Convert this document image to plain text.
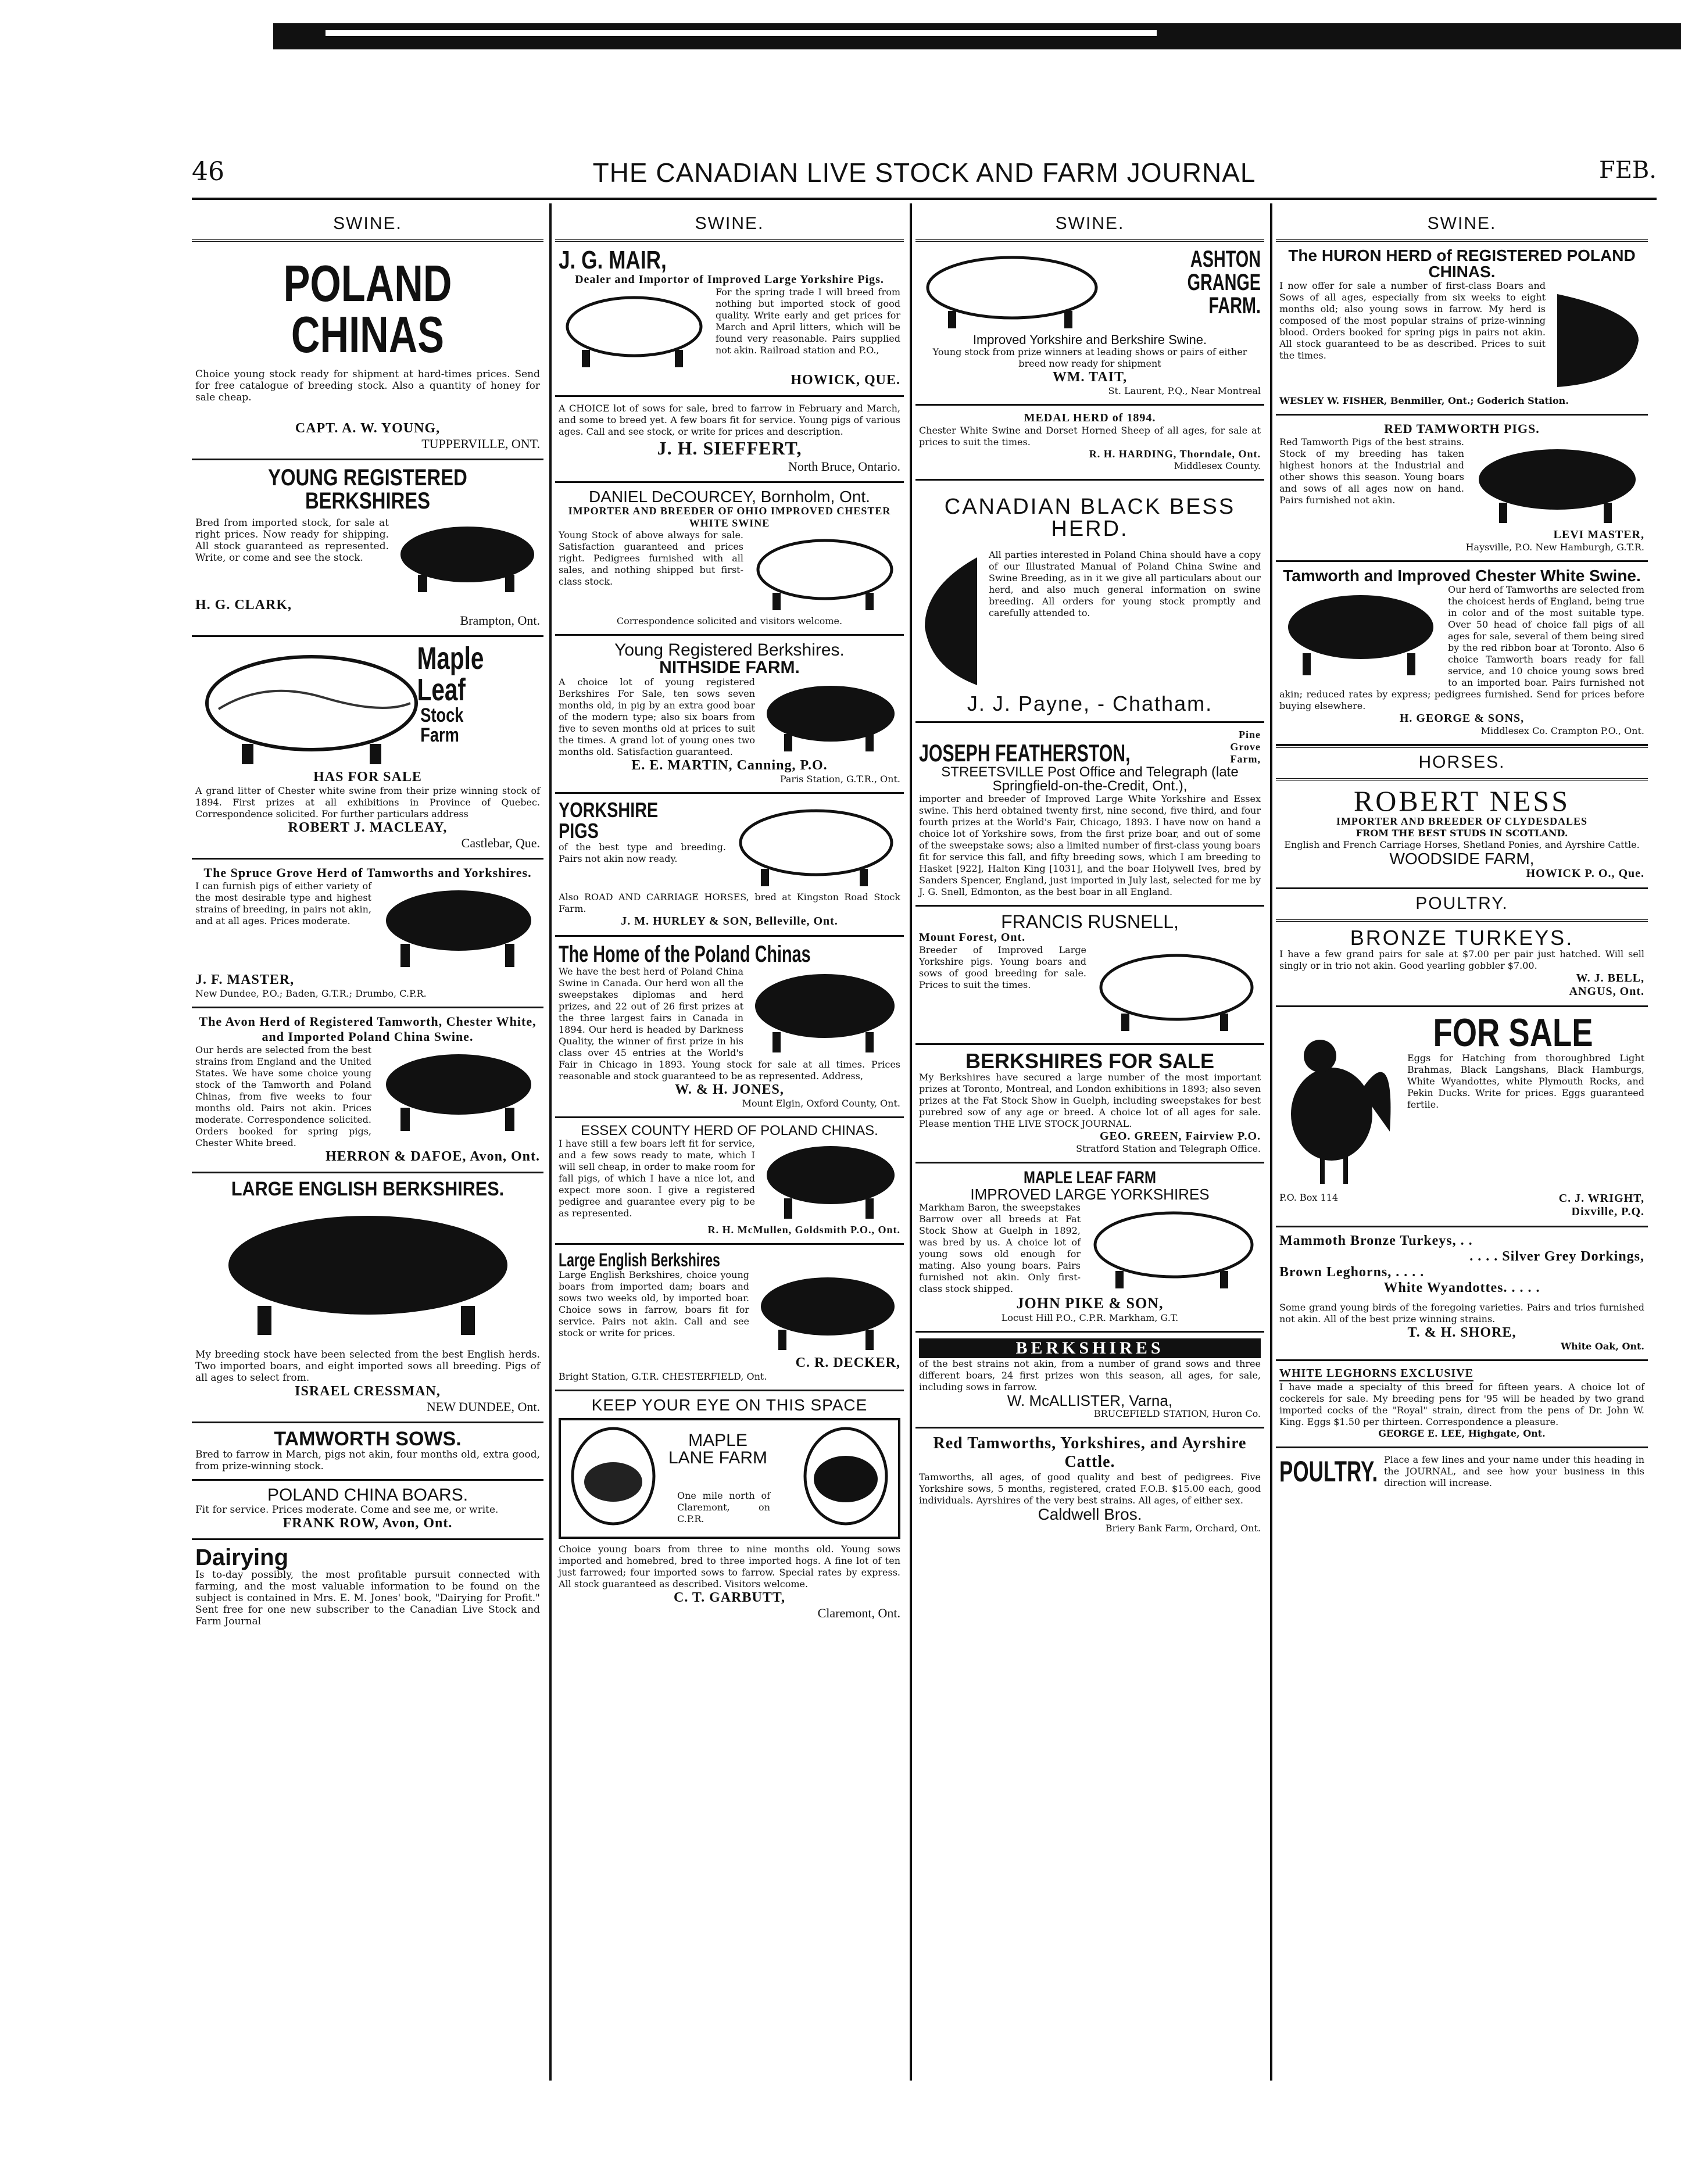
46	THE CANADIAN LIVE STOCK AND FARM JOURNAL	FEB.
SWINE.
POLAND CHINAS
Choice young stock ready for shipment at hard-times prices. Send for free catalogue of breeding stock. Also a quantity of honey for sale cheap.
CAPT. A. W. YOUNG,
TUPPERVILLE, ONT.
YOUNG REGISTERED BERKSHIRES
Bred from imported stock, for sale at right prices. Now ready for shipping. All stock guaranteed as represented. Write, or come and see the stock.
H. G. CLARK,
Brampton, Ont.
Maple
Leaf
Stock Farm
HAS FOR SALE
A grand litter of Chester white swine from their prize winning stock of 1894. First prizes at all exhibitions in Province of Quebec. Correspondence solicited. For further particulars address
ROBERT J. MACLEAY,
Castlebar, Que.
The Spruce Grove Herd of Tamworths and Yorkshires.
I can furnish pigs of either variety of the most desirable type and highest strains of breeding, in pairs not akin, and at all ages. Prices moderate.
J. F. MASTER,
New Dundee, P.O.; Baden, G.T.R.; Drumbo, C.P.R.
The Avon Herd of Registered Tamworth, Chester White, and Imported Poland China Swine.
Our herds are selected from the best strains from England and the United States. We have some choice young stock of the Tamworth and Poland Chinas, from five weeks to four months old. Pairs not akin. Prices moderate. Correspondence solicited. Orders booked for spring pigs, Chester White breed.
HERRON & DAFOE, Avon, Ont.
LARGE ENGLISH BERKSHIRES.
My breeding stock have been selected from the best English herds. Two imported boars, and eight imported sows all breeding. Pigs of all ages to select from.
ISRAEL CRESSMAN,
NEW DUNDEE, Ont.
TAMWORTH SOWS.
Bred to farrow in March, pigs not akin, four months old, extra good, from prize-winning stock.
POLAND CHINA BOARS.
Fit for service. Prices moderate. Come and see me, or write.
FRANK ROW, Avon, Ont.
Dairying
Is to-day possibly, the most profitable pursuit connected with farming, and the most valuable information to be found on the subject is contained in Mrs. E. M. Jones' book, "Dairying for Profit." Sent free for one new subscriber to the Canadian Live Stock and Farm Journal
SWINE.
J. G. MAIR,
Dealer and Importor of Improved Large Yorkshire Pigs.
For the spring trade I will breed from nothing but imported stock of good quality. Write early and get prices for March and April litters, which will be found very reasonable. Pairs supplied not akin. Railroad station and P.O.,
HOWICK, QUE.
A CHOICE lot of sows for sale, bred to farrow in February and March, and some to breed yet. A few boars fit for service. Young pigs of various ages. Call and see stock, or write for prices and description.
J. H. SIEFFERT,
North Bruce, Ontario.
DANIEL DeCOURCEY, Bornholm, Ont.
IMPORTER AND BREEDER OF OHIO IMPROVED CHESTER WHITE SWINE
Young Stock of above always for sale. Satisfaction guaranteed and prices right. Pedigrees furnished with all sales, and nothing shipped but first-class stock.
Correspondence solicited and visitors welcome.
Young Registered Berkshires.
NITHSIDE FARM.
A choice lot of young registered Berkshires For Sale, ten sows seven months old, in pig by an extra good boar of the modern type; also six boars from five to seven months old at prices to suit the times. A grand lot of young ones two months old. Satisfaction guaranteed.
E. E. MARTIN, Canning, P.O.
Paris Station, G.T.R., Ont.
YORKSHIRE PIGS
of the best type and breeding. Pairs not akin now ready.
Also ROAD AND CARRIAGE HORSES, bred at Kingston Road Stock Farm.
J. M. HURLEY & SON, Belleville, Ont.
The Home of the Poland Chinas
We have the best herd of Poland China Swine in Canada. Our herd won all the sweepstakes diplomas and herd prizes, and 22 out of 26 first prizes at the three largest fairs in Canada in 1894. Our herd is headed by Darkness Quality, the winner of first prize in his class over 45 entries at the World's Fair in Chicago in 1893. Young stock for sale at all times. Prices reasonable and stock guaranteed to be as represented. Address,
W. & H. JONES,
Mount Elgin, Oxford County, Ont.
ESSEX COUNTY HERD OF POLAND CHINAS.
I have still a few boars left fit for service, and a few sows ready to mate, which I will sell cheap, in order to make room for fall pigs, of which I have a nice lot, and expect more soon. I give a registered pedigree and guarantee every pig to be as represented.
R. H. McMullen, Goldsmith P.O., Ont.
Large English Berkshires
Large English Berkshires, choice young boars from imported dam; boars and sows two weeks old, by imported boar. Choice sows in farrow, boars fit for service. Pairs not akin. Call and see stock or write for prices.
C. R. DECKER,
Bright Station, G.T.R. CHESTERFIELD, Ont.
KEEP YOUR EYE ON THIS SPACE
MAPLE LANE FARM
One mile north of Claremont, on C.P.R.
Choice young boars from three to nine months old. Young sows imported and homebred, bred to three imported hogs. A fine lot of ten just farrowed; four imported sows to farrow. Special rates by express. All stock guaranteed as described. Visitors welcome.
C. T. GARBUTT,
Claremont, Ont.
SWINE.
ASHTON GRANGE FARM.
Improved Yorkshire and Berkshire Swine.
Young stock from prize winners at leading shows or pairs of either breed now ready for shipment
WM. TAIT,
St. Laurent, P.Q., Near Montreal
MEDAL HERD of 1894.
Chester White Swine and Dorset Horned Sheep of all ages, for sale at prices to suit the times.
R. H. HARDING, Thorndale, Ont.
Middlesex County.
CANADIAN BLACK BESS HERD.
All parties interested in Poland China should have a copy of our Illustrated Manual of Poland China Swine and Swine Breeding, as in it we give all particulars about our herd, and also much general information on swine breeding. All orders for young stock promptly and carefully attended to.
J. J. Payne, - Chatham.
JOSEPH FEATHERSTON,
Pine Grove Farm,
STREETSVILLE Post Office and Telegraph (late Springfield-on-the-Credit, Ont.),
importer and breeder of Improved Large White Yorkshire and Essex swine. This herd obtained twenty first, nine second, five third, and four fourth prizes at the World's Fair, Chicago, 1893. I have now on hand a choice lot of Yorkshire sows, from the first prize boar, and out of some of the sweepstake sows; also a limited number of first-class young boars fit for service this fall, and fifty breeding sows, which I am breeding to Hasket [922], Halton King [1031], and the boar Holywell Ives, bred by Sanders Spencer, England, just imported in July last, selected for me by J. G. Snell, Edmonton, as the best boar in all England.
FRANCIS RUSNELL,
Mount Forest, Ont.
Breeder of Improved Large Yorkshire pigs. Young boars and sows of good breeding for sale. Prices to suit the times.
BERKSHIRES FOR SALE
My Berkshires have secured a large number of the most important prizes at Toronto, Montreal, and London exhibitions in 1893; also seven prizes at the Fat Stock Show in Guelph, including sweepstakes for best purebred sow of any age or breed. A choice lot of all ages for sale. Please mention THE LIVE STOCK JOURNAL.
GEO. GREEN, Fairview P.O.
Stratford Station and Telegraph Office.
MAPLE LEAF FARM
IMPROVED LARGE YORKSHIRES
Markham Baron, the sweepstakes Barrow over all breeds at Fat Stock Show at Guelph in 1892, was bred by us. A choice lot of young sows old enough for mating. Also young boars. Pairs furnished not akin. Only first-class stock shipped.
JOHN PIKE & SON,
Locust Hill P.O., C.P.R. Markham, G.T.
BERKSHIRES
of the best strains not akin, from a number of grand sows and three different boars, 24 first prizes won this season, all ages, for sale, including sows in farrow.
W. McALLISTER, Varna,
BRUCEFIELD STATION, Huron Co.
Red Tamworths, Yorkshires, and Ayrshire Cattle.
Tamworths, all ages, of good quality and best of pedigrees. Five Yorkshire sows, 5 months, registered, crated F.O.B. $15.00 each, good individuals. Ayrshires of the very best strains. All ages, of either sex.
Caldwell Bros.
Briery Bank Farm, Orchard, Ont.
SWINE.
The HURON HERD of REGISTERED POLAND CHINAS.
I now offer for sale a number of first-class Boars and Sows of all ages, especially from six weeks to eight months old; also young sows in farrow. My herd is composed of the most popular strains of prize-winning blood. Orders booked for spring pigs in pairs not akin. All stock guaranteed to be as described. Prices to suit the times.
WESLEY W. FISHER, Benmiller, Ont.; Goderich Station.
RED TAMWORTH PIGS.
Red Tamworth Pigs of the best strains. Stock of my breeding has taken highest honors at the Industrial and other shows this season. Young boars and sows of all ages now on hand. Pairs furnished not akin.
LEVI MASTER,
Haysville, P.O. New Hamburgh, G.T.R.
Tamworth and Improved Chester White Swine.
Our herd of Tamworths are selected from the choicest herds of England, being true in color and of the most suitable type. Over 50 head of choice fall pigs of all ages for sale, several of them being sired by the red ribbon boar at Toronto. Also 6 choice Tamworth boars ready for fall service, and 10 choice young sows bred to an imported boar. Pairs furnished not akin; reduced rates by express; pedigrees furnished. Send for prices before buying elsewhere.
H. GEORGE & SONS,
Middlesex Co. Crampton P.O., Ont.
HORSES.
ROBERT NESS
IMPORTER AND BREEDER OF CLYDESDALES
FROM THE BEST STUDS IN SCOTLAND.
English and French Carriage Horses, Shetland Ponies, and Ayrshire Cattle.
WOODSIDE FARM,
HOWICK P. O., Que.
POULTRY.
BRONZE TURKEYS.
I have a few grand pairs for sale at $7.00 per pair just hatched. Will sell singly or in trio not akin. Good yearling gobbler $7.00.
W. J. BELL,
ANGUS, Ont.
FOR SALE
Eggs for Hatching from thoroughbred Light Brahmas, Black Langshans, Black Hamburgs, White Wyandottes, white Plymouth Rocks, and Pekin Ducks. Write for prices. Eggs guaranteed fertile.
P.O. Box 114	C. J. WRIGHT,
Dixville, P.Q.
Mammoth Bronze Turkeys, . .
. . . . Silver Grey Dorkings,
Brown Leghorns, . . . .
White Wyandottes. . . . .
Some grand young birds of the foregoing varieties. Pairs and trios furnished not akin. All of the best prize winning strains.
T. & H. SHORE,
White Oak, Ont.
WHITE LEGHORNS EXCLUSIVE
I have made a specialty of this breed for fifteen years. A choice lot of cockerels for sale. My breeding pens for '95 will be headed by two grand imported cocks of the "Royal" strain, direct from the pens of Dr. John W. King. Eggs $1.50 per thirteen. Correspondence a pleasure.
GEORGE E. LEE, Highgate, Ont.
POULTRY. Place a few lines and your name under this heading in the JOURNAL, and see how your business in this direction will increase.
